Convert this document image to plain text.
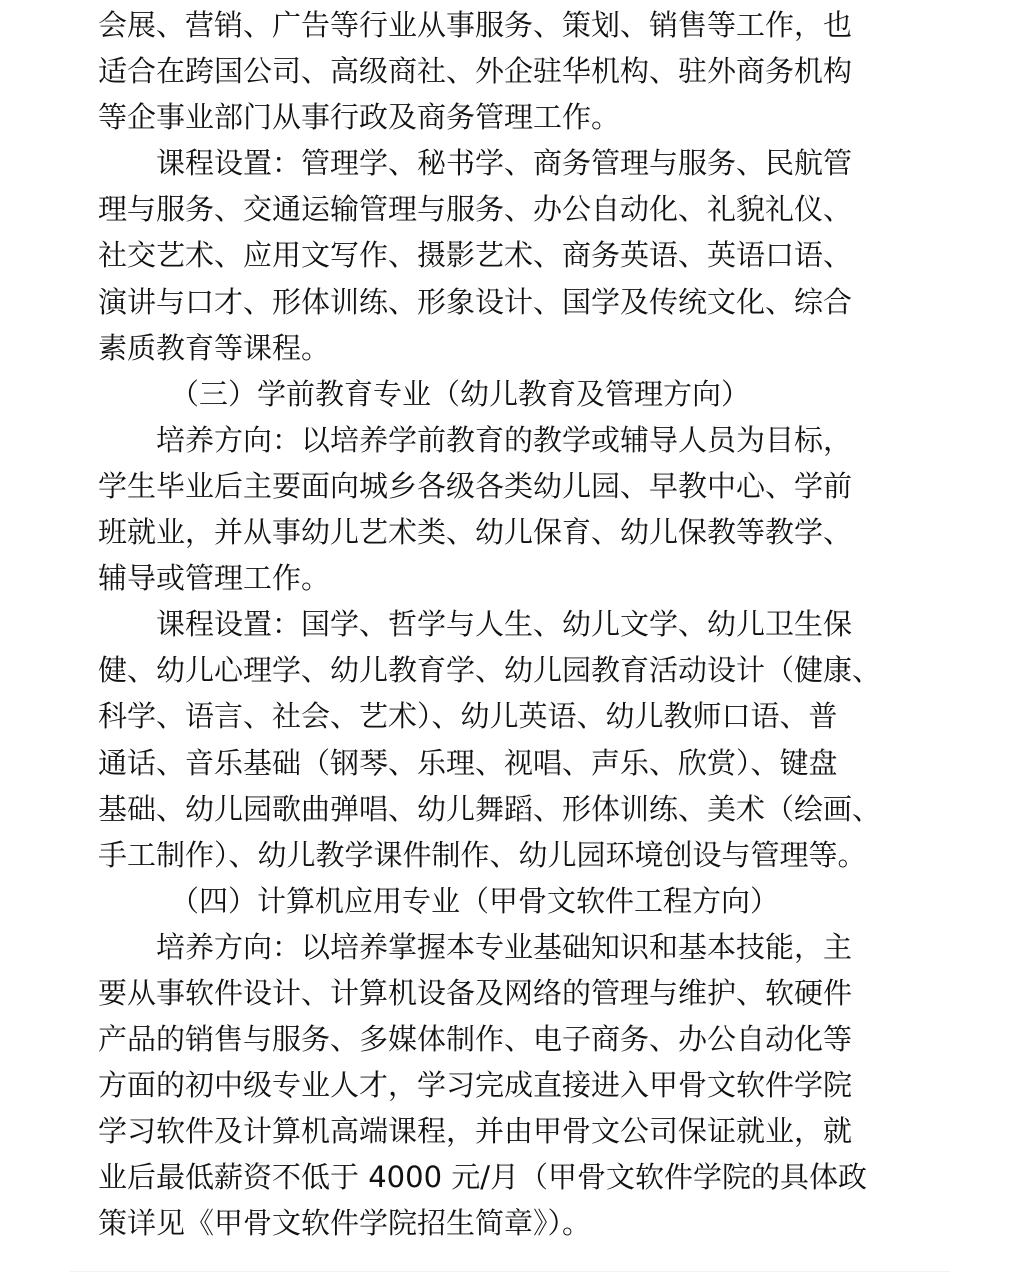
会展、营销、广告等行业从事服务、策划、销售等工作，也
适合在跨国公司、高级商社、外企驻华机构、驻外商务机构
等企事业部门从事行政及商务管理工作。
课程设置：管理学、秘书学、商务管理与服务、民航管
理与服务、交通运输管理与服务、办公自动化、礼貌礼仪、
社交艺术、应用文写作、摄影艺术、商务英语、英语口语、
演讲与口才、形体训练、形象设计、国学及传统文化、综合
素质教育等课程。
（三）学前教育专业（幼儿教育及管理方向）
培养方向：以培养学前教育的教学或辅导人员为目标，
学生毕业后主要面向城乡各级各类幼儿园、早教中心、学前
班就业，并从事幼儿艺术类、幼儿保育、幼儿保教等教学、
辅导或管理工作。
课程设置：国学、哲学与人生、幼儿文学、幼儿卫生保
健、幼儿心理学、幼儿教育学、幼儿园教育活动设计（健康、
科学、语言、社会、艺术）、幼儿英语、幼儿教师口语、普
通话、音乐基础（钢琴、乐理、视唱、声乐、欣赏）、键盘
基础、幼儿园歌曲弹唱、幼儿舞蹈、形体训练、美术（绘画、
手工制作）、幼儿教学课件制作、幼儿园环境创设与管理等。
（四）计算机应用专业（甲骨文软件工程方向）
培养方向：以培养掌握本专业基础知识和基本技能，主
要从事软件设计、计算机设备及网络的管理与维护、软硬件
产品的销售与服务、多媒体制作、电子商务、办公自动化等
方面的初中级专业人才，学习完成直接进入甲骨文软件学院
学习软件及计算机高端课程，并由甲骨文公司保证就业，就
业后最低薪资不低于 4000 元/月（甲骨文软件学院的具体政
策详见《甲骨文软件学院招生简章》）。
